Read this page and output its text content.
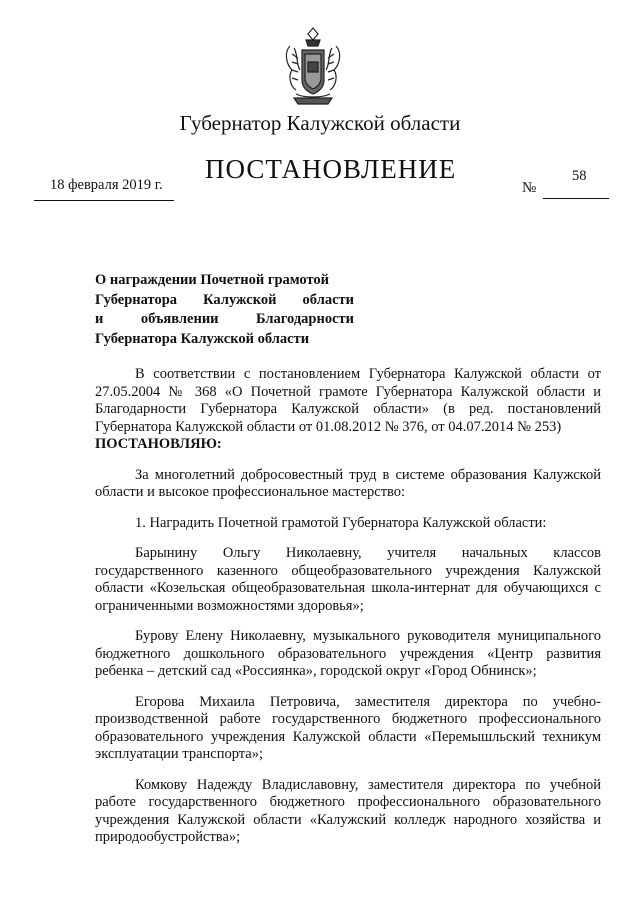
Губернатор Калужской области
ПОСТАНОВЛЕНИЕ
18 февраля 2019 г.	№
58
О награждении Почетной грамотой
Губернатора Калужской области
и объявлении Благодарности
Губернатора Калужской области

В соответствии с постановлением Губернатора Калужской области от 27.05.2004 № 368 «О Почетной грамоте Губернатора Калужской области и Благодарности Губернатора Калужской области» (в ред. постановлений Губернатора Калужской области от 01.08.2012 № 376, от 04.07.2014 № 253)

ПОСТАНОВЛЯЮ:

За многолетний добросовестный труд в системе образования Калужской области и высокое профессиональное мастерство:

1. Наградить Почетной грамотой Губернатора Калужской области:

Барынину Ольгу Николаевну, учителя начальных классов государственного казенного общеобразовательного учреждения Калужской области «Козельская общеобразовательная школа-интернат для обучающихся с ограниченными возможностями здоровья»;

Бурову Елену Николаевну, музыкального руководителя муниципального бюджетного дошкольного образовательного учреждения «Центр развития ребенка – детский сад «Россиянка», городской округ «Город Обнинск»;

Егорова Михаила Петровича, заместителя директора по учебно-производственной работе государственного бюджетного профессионального образовательного учреждения Калужской области «Перемышльский техникум эксплуатации транспорта»;

Комкову Надежду Владиславовну, заместителя директора по учебной работе государственного бюджетного профессионального образовательного учреждения Калужской области «Калужский колледж народного хозяйства и природообустройства»;
